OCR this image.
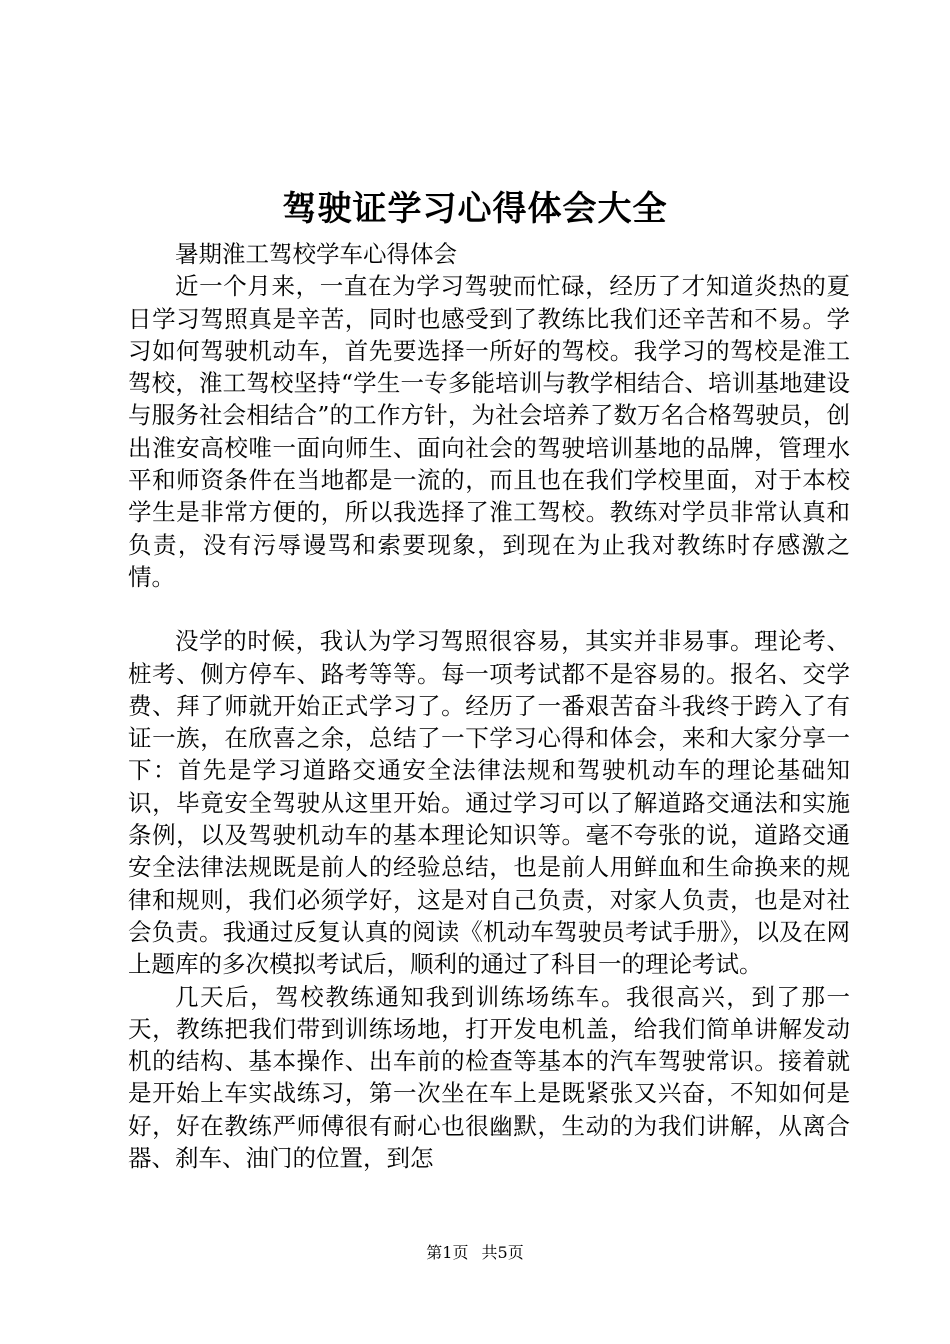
驾驶证学习心得体会大全

暑期淮工驾校学车心得体会

近一个月来，一直在为学习驾驶而忙碌，经历了才知道炎热的夏日学习驾照真是辛苦，同时也感受到了教练比我们还辛苦和不易。学习如何驾驶机动车，首先要选择一所好的驾校。我学习的驾校是淮工驾校，淮工驾校坚持“学生一专多能培训与教学相结合、培训基地建设与服务社会相结合”的工作方针，为社会培养了数万名合格驾驶员，创出淮安高校唯一面向师生、面向社会的驾驶培训基地的品牌，管理水平和师资条件在当地都是一流的，而且也在我们学校里面，对于本校学生是非常方便的，所以我选择了淮工驾校。教练对学员非常认真和负责，没有污辱谩骂和索要现象，到现在为止我对教练时存感激之情。

没学的时候，我认为学习驾照很容易，其实并非易事。理论考、桩考、侧方停车、路考等等。每一项考试都不是容易的。报名、交学费、拜了师就开始正式学习了。经历了一番艰苦奋斗我终于跨入了有证一族，在欣喜之余，总结了一下学习心得和体会，来和大家分享一下：首先是学习道路交通安全法律法规和驾驶机动车的理论基础知识，毕竟安全驾驶从这里开始。通过学习可以了解道路交通法和实施条例，以及驾驶机动车的基本理论知识等。毫不夸张的说，道路交通安全法律法规既是前人的经验总结，也是前人用鲜血和生命换来的规律和规则，我们必须学好，这是对自己负责，对家人负责，也是对社会负责。我通过反复认真的阅读《机动车驾驶员考试手册》，以及在网上题库的多次模拟考试后，顺利的通过了科目一的理论考试。

几天后，驾校教练通知我到训练场练车。我很高兴，到了那一天，教练把我们带到训练场地，打开发电机盖，给我们简单讲解发动机的结构、基本操作、出车前的检查等基本的汽车驾驶常识。接着就是开始上车实战练习，第一次坐在车上是既紧张又兴奋，不知如何是好，好在教练严师傅很有耐心也很幽默，生动的为我们讲解，从离合器、刹车、油门的位置，到怎

第1页 共5页
